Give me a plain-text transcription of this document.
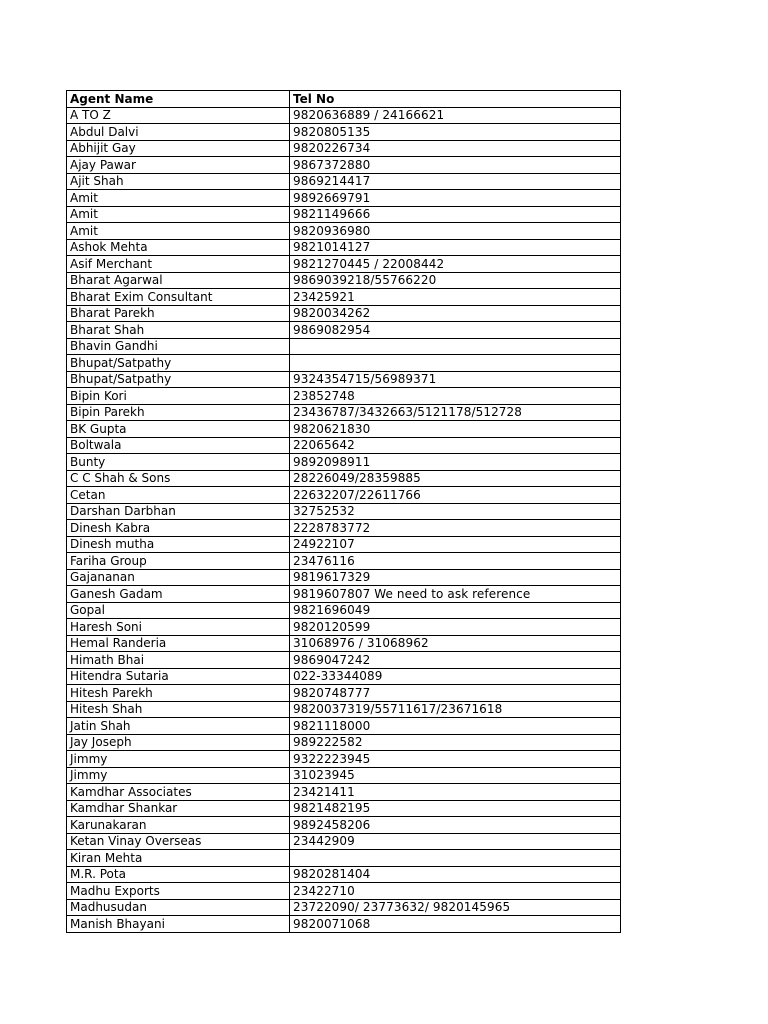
Agent Name	Tel No
A TO Z	9820636889 / 24166621
Abdul Dalvi	9820805135
Abhijit Gay	9820226734
Ajay Pawar	9867372880
Ajit Shah	9869214417
Amit	9892669791
Amit	9821149666
Amit	9820936980
Ashok Mehta	9821014127
Asif Merchant	9821270445 / 22008442
Bharat Agarwal	9869039218/55766220
Bharat Exim Consultant	23425921
Bharat Parekh	9820034262
Bharat Shah	9869082954
Bhavin Gandhi	
Bhupat/Satpathy	
Bhupat/Satpathy	9324354715/56989371
Bipin Kori	23852748
Bipin Parekh	23436787/3432663/5121178/512728
BK Gupta	9820621830
Boltwala	22065642
Bunty	9892098911
C C Shah & Sons	28226049/28359885
Cetan	22632207/22611766
Darshan Darbhan	32752532
Dinesh Kabra	2228783772
Dinesh mutha	24922107
Fariha Group	23476116
Gajananan	9819617329
Ganesh Gadam	9819607807 We need to ask reference
Gopal	9821696049
Haresh Soni	9820120599
Hemal Randeria	31068976 / 31068962
Himath Bhai	9869047242
Hitendra Sutaria	022-33344089
Hitesh Parekh	9820748777
Hitesh Shah	9820037319/55711617/23671618
Jatin Shah	9821118000
Jay Joseph	989222582
Jimmy	9322223945
Jimmy	31023945
Kamdhar Associates	23421411
Kamdhar Shankar	9821482195
Karunakaran	9892458206
Ketan Vinay Overseas	23442909
Kiran Mehta	
M.R. Pota	9820281404
Madhu Exports	23422710
Madhusudan	23722090/ 23773632/ 9820145965
Manish Bhayani	9820071068
